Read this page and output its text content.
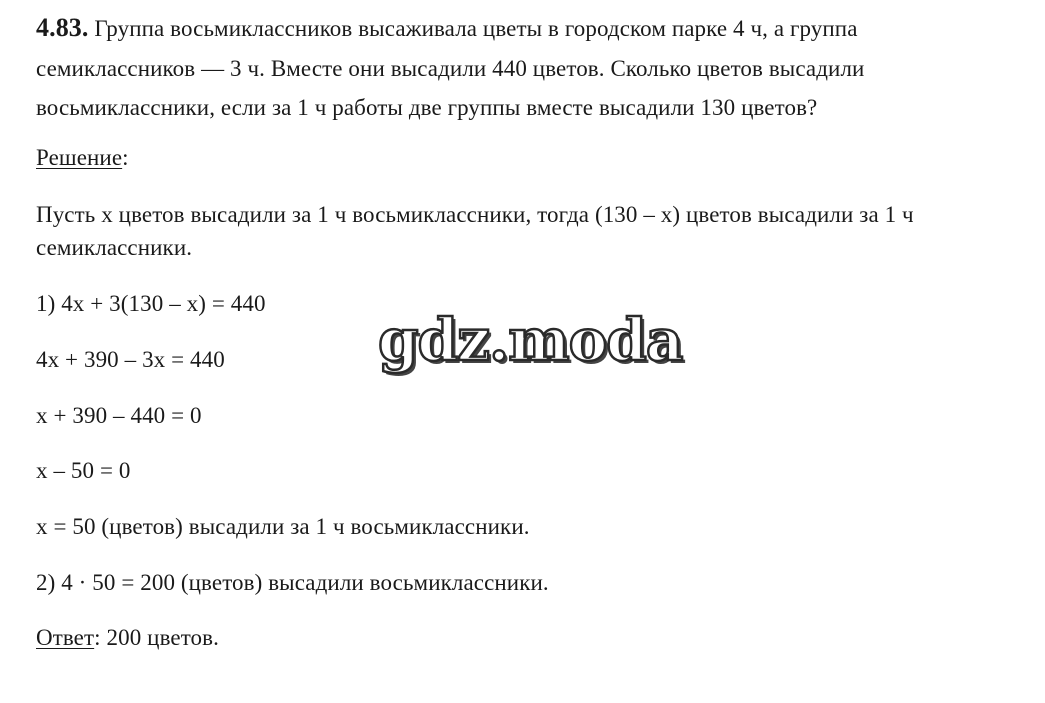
4.83. Группа восьмиклассников высаживала цветы в городском парке 4 ч, а группа
семиклассников — 3 ч. Вместе они высадили 440 цветов. Сколько цветов высадили
восьмиклассники, если за 1 ч работы две группы вместе высадили 130 цветов?
Решение:
Пусть х цветов высадили за 1 ч восьмиклассники, тогда (130 – х) цветов высадили за 1 ч
семиклассники.
1) 4х + 3(130 – х) = 440
4х + 390 – 3х = 440
х + 390 – 440 = 0
х – 50 = 0
х = 50 (цветов) высадили за 1 ч восьмиклассники.
2) 4 · 50 = 200 (цветов) высадили восьмиклассники.
Ответ: 200 цветов.
gdz.moda
